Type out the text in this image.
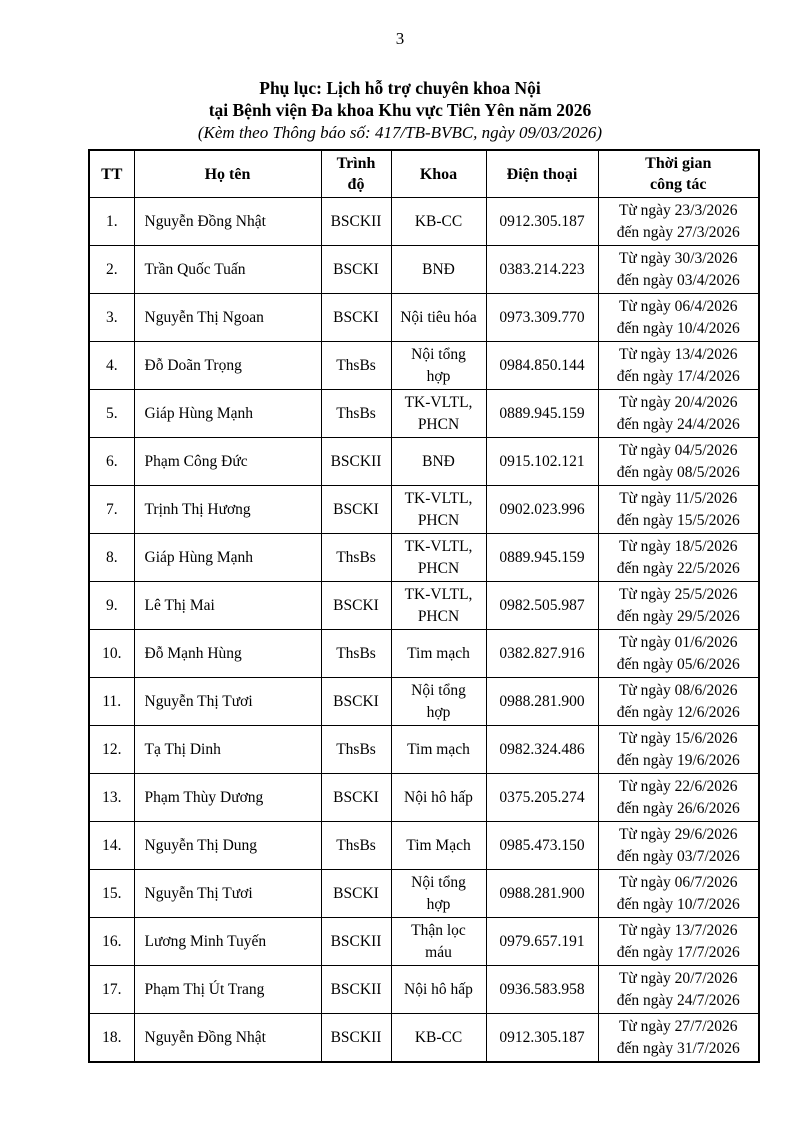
3
Phụ lục: Lịch hỗ trợ chuyên khoa Nội
tại Bệnh viện Đa khoa Khu vực Tiên Yên năm 2026
(Kèm theo Thông báo số: 417/TB-BVBC, ngày 09/03/2026)
TT	Họ tên	Trình độ	Khoa	Điện thoại	Thời gian công tác
1.	Nguyễn Đồng Nhật	BSCKII	KB-CC	0912.305.187	Từ ngày 23/3/2026
đến ngày 27/3/2026

2.	Trần Quốc Tuấn	BSCKI	BNĐ	0383.214.223	Từ ngày 30/3/2026
đến ngày 03/4/2026

3.	Nguyễn Thị Ngoan	BSCKI	Nội tiêu hóa	0973.309.770	Từ ngày 06/4/2026
đến ngày 10/4/2026

4.	Đỗ Doãn Trọng	ThsBs	Nội tổng hợp	0984.850.144	Từ ngày 13/4/2026
đến ngày 17/4/2026

5.	Giáp Hùng Mạnh	ThsBs	TK-VLTL, PHCN	0889.945.159	Từ ngày 20/4/2026
đến ngày 24/4/2026

6.	Phạm Công Đức	BSCKII	BNĐ	0915.102.121	Từ ngày 04/5/2026
đến ngày 08/5/2026

7.	Trịnh Thị Hương	BSCKI	TK-VLTL, PHCN	0902.023.996	Từ ngày 11/5/2026
đến ngày 15/5/2026

8.	Giáp Hùng Mạnh	ThsBs	TK-VLTL, PHCN	0889.945.159	Từ ngày 18/5/2026
đến ngày 22/5/2026

9.	Lê Thị Mai	BSCKI	TK-VLTL, PHCN	0982.505.987	Từ ngày 25/5/2026
đến ngày 29/5/2026

10.	Đỗ Mạnh Hùng	ThsBs	Tim mạch	0382.827.916	Từ ngày 01/6/2026
đến ngày 05/6/2026

11.	Nguyễn Thị Tươi	BSCKI	Nội tổng hợp	0988.281.900	Từ ngày 08/6/2026
đến ngày 12/6/2026

12.	Tạ Thị Dinh	ThsBs	Tim mạch	0982.324.486	Từ ngày 15/6/2026
đến ngày 19/6/2026

13.	Phạm Thùy Dương	BSCKI	Nội hô hấp	0375.205.274	Từ ngày 22/6/2026
đến ngày 26/6/2026

14.	Nguyễn Thị Dung	ThsBs	Tim Mạch	0985.473.150	Từ ngày 29/6/2026
đến ngày 03/7/2026

15.	Nguyễn Thị Tươi	BSCKI	Nội tổng hợp	0988.281.900	Từ ngày 06/7/2026
đến ngày 10/7/2026

16.	Lương Minh Tuyến	BSCKII	Thận lọc máu	0979.657.191	Từ ngày 13/7/2026
đến ngày 17/7/2026

17.	Phạm Thị Út Trang	BSCKII	Nội hô hấp	0936.583.958	Từ ngày 20/7/2026
đến ngày 24/7/2026

18.	Nguyễn Đồng Nhật	BSCKII	KB-CC	0912.305.187	Từ ngày 27/7/2026
đến ngày 31/7/2026
